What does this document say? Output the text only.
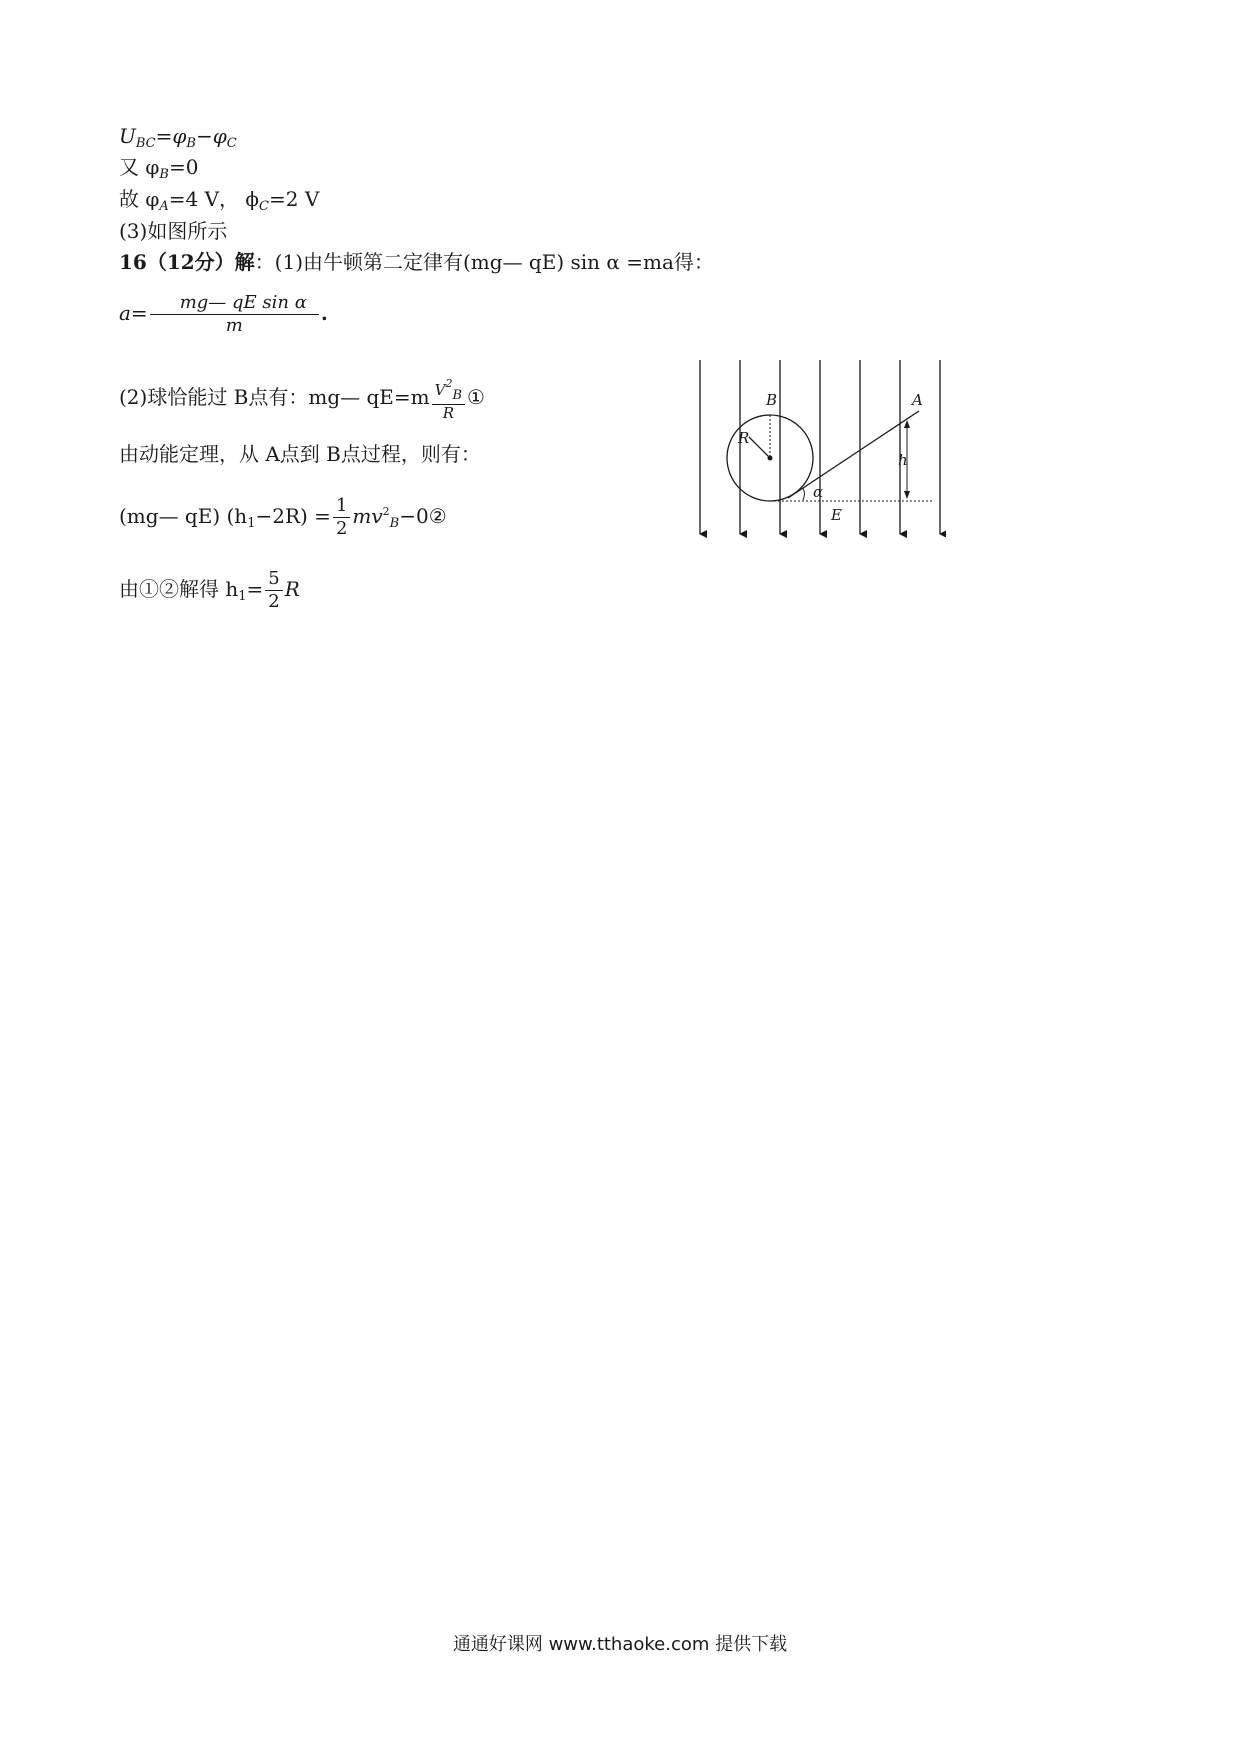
$U_{BC}=\varphi_B-\varphi_C$
又 $\varphi_B=0$
故 $\varphi_A=4$ V， $\phi_C=2$ V
(3)如图所示
16（12分）解：(1)由牛顿第二定律有(mg— qE) sin α =ma得：
$a= \frac{\text{mg— qE sin α}}{m}$ .
(2)球恰能过 B点有：mg— $qE=m \frac{V^2_B}{R}$ ①
由动能定理，从 A点到 B点过程，则有：
(mg— qE) $(h_1-2R) = \frac{1}{2}$ $mv^2_B-0②$
由①②解得 $h_1= \frac{5}{2}$ R
B
R
A
h
α
E
通通好课网 www.tthaoke.com 提供下载
